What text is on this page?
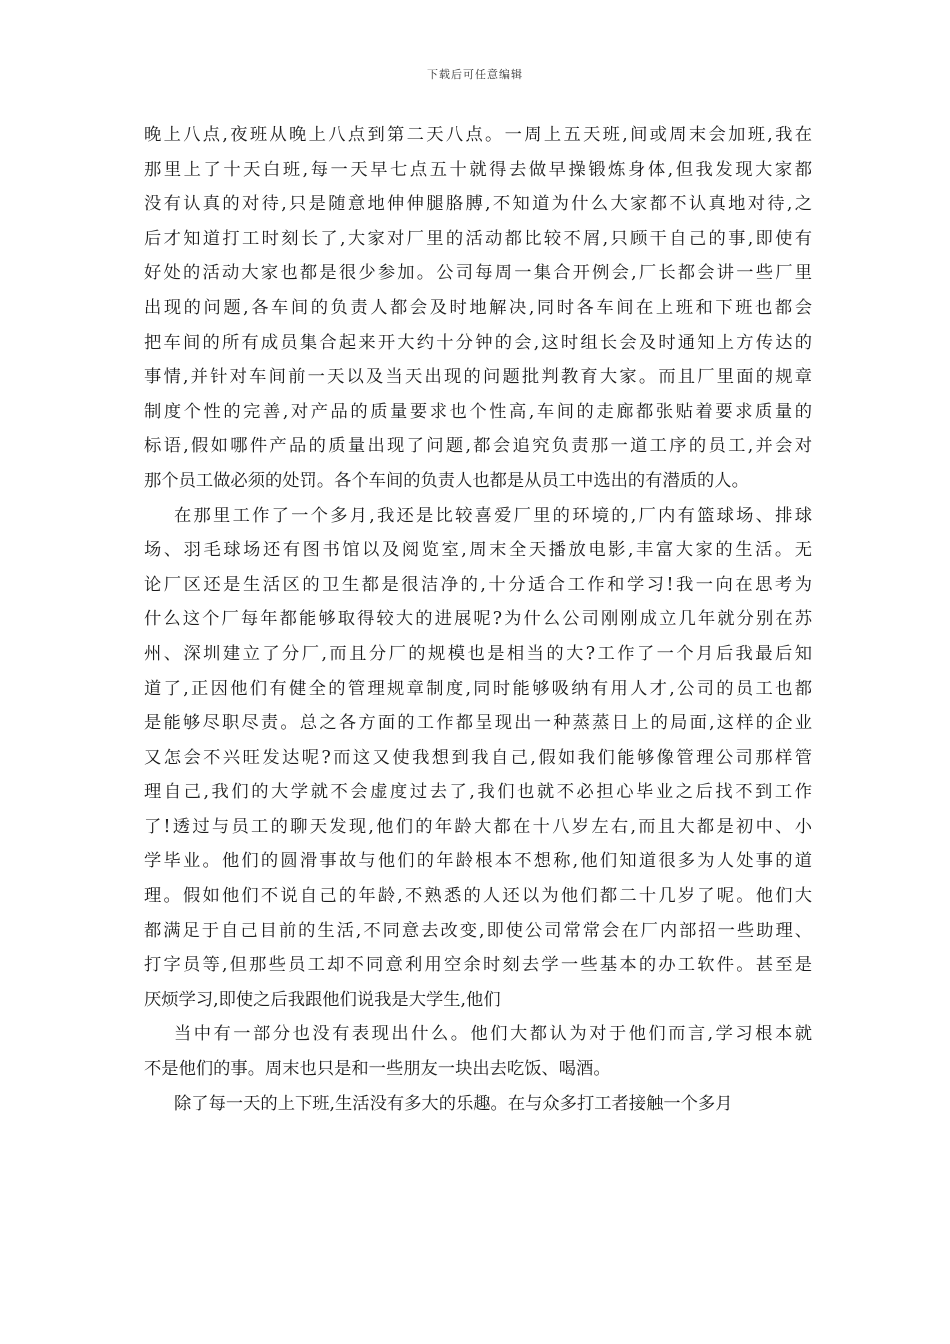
下载后可任意编辑
晚上八点,夜班从晚上八点到第二天八点。一周上五天班,间或周末会加班,我在
那里上了十天白班,每一天早七点五十就得去做早操锻炼身体,但我发现大家都
没有认真的对待,只是随意地伸伸腿胳膊,不知道为什么大家都不认真地对待,之
后才知道打工时刻长了,大家对厂里的活动都比较不屑,只顾干自己的事,即使有
好处的活动大家也都是很少参加。公司每周一集合开例会,厂长都会讲一些厂里
出现的问题,各车间的负责人都会及时地解决,同时各车间在上班和下班也都会
把车间的所有成员集合起来开大约十分钟的会,这时组长会及时通知上方传达的
事情,并针对车间前一天以及当天出现的问题批判教育大家。而且厂里面的规章
制度个性的完善,对产品的质量要求也个性高,车间的走廊都张贴着要求质量的
标语,假如哪件产品的质量出现了问题,都会追究负责那一道工序的员工,并会对
那个员工做必须的处罚。各个车间的负责人也都是从员工中选出的有潜质的人。
在那里工作了一个多月,我还是比较喜爱厂里的环境的,厂内有篮球场、排球
场、羽毛球场还有图书馆以及阅览室,周末全天播放电影,丰富大家的生活。无
论厂区还是生活区的卫生都是很洁净的,十分适合工作和学习!我一向在思考为
什么这个厂每年都能够取得较大的进展呢?为什么公司刚刚成立几年就分别在苏
州、深圳建立了分厂,而且分厂的规模也是相当的大?工作了一个月后我最后知
道了,正因他们有健全的管理规章制度,同时能够吸纳有用人才,公司的员工也都
是能够尽职尽责。总之各方面的工作都呈现出一种蒸蒸日上的局面,这样的企业
又怎会不兴旺发达呢?而这又使我想到我自己,假如我们能够像管理公司那样管
理自己,我们的大学就不会虚度过去了,我们也就不必担心毕业之后找不到工作
了!透过与员工的聊天发现,他们的年龄大都在十八岁左右,而且大都是初中、小
学毕业。他们的圆滑事故与他们的年龄根本不想称,他们知道很多为人处事的道
理。假如他们不说自己的年龄,不熟悉的人还以为他们都二十几岁了呢。他们大
都满足于自己目前的生活,不同意去改变,即使公司常常会在厂内部招一些助理、
打字员等,但那些员工却不同意利用空余时刻去学一些基本的办工软件。甚至是
厌烦学习,即使之后我跟他们说我是大学生,他们
当中有一部分也没有表现出什么。他们大都认为对于他们而言,学习根本就
不是他们的事。周末也只是和一些朋友一块出去吃饭、喝酒。
除了每一天的上下班,生活没有多大的乐趣。在与众多打工者接触一个多月
